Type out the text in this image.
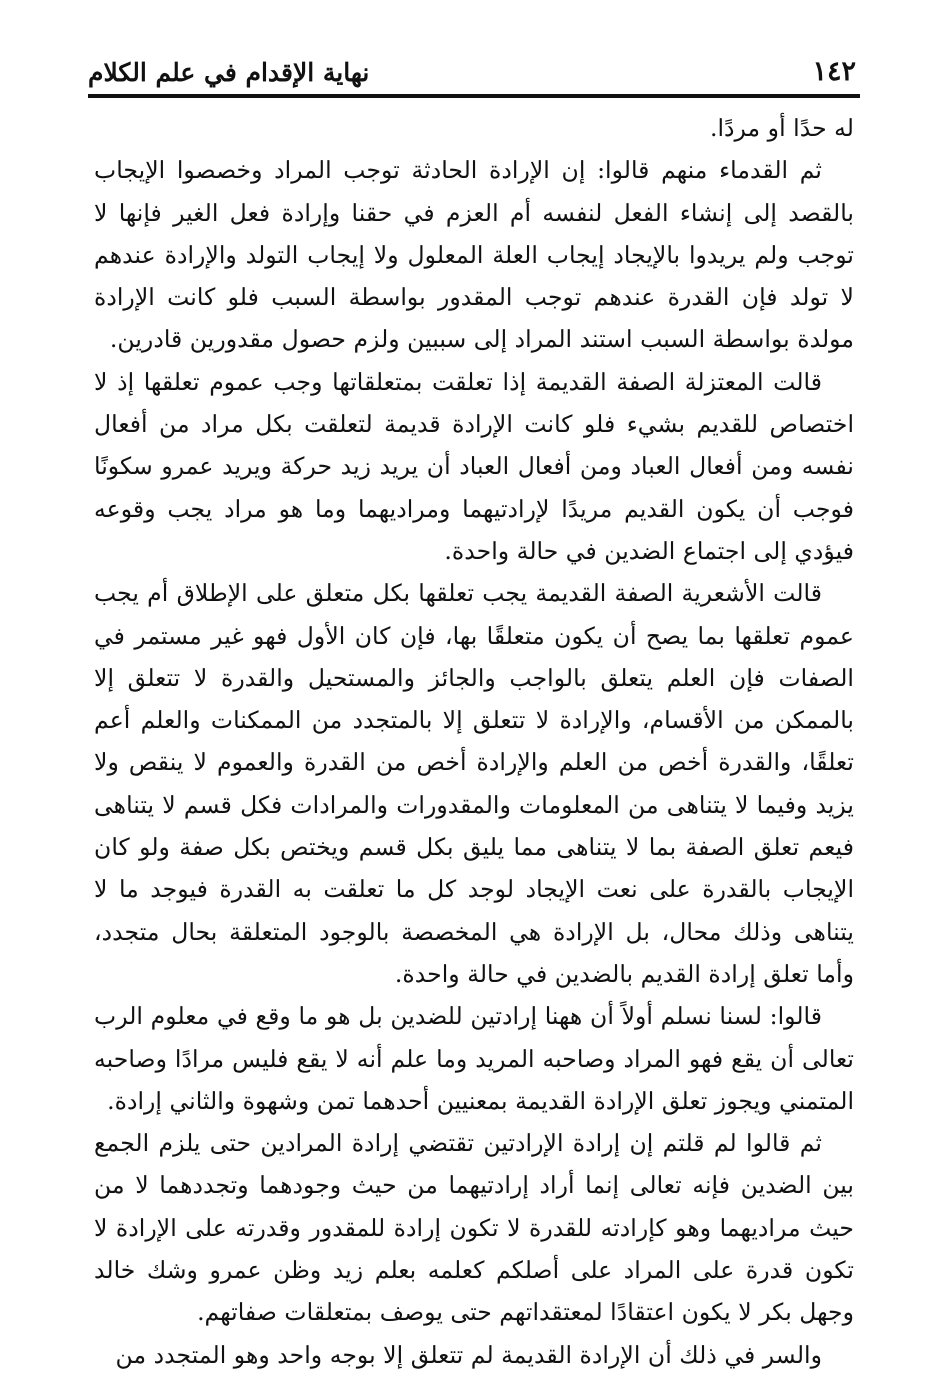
نهاية الإقدام في علم الكلام	١٤٢

له حدًا أو مردًا.

ثم القدماء منهم قالوا: إن الإرادة الحادثة توجب المراد وخصصوا الإيجاب بالقصد إلى إنشاء الفعل لنفسه أم العزم في حقنا وإرادة فعل الغير فإنها لا توجب ولم يريدوا بالإيجاد إيجاب العلة المعلول ولا إيجاب التولد والإرادة عندهم لا تولد فإن القدرة عندهم توجب المقدور بواسطة السبب فلو كانت الإرادة مولدة بواسطة السبب استند المراد إلى سببين ولزم حصول مقدورين قادرين.

قالت المعتزلة الصفة القديمة إذا تعلقت بمتعلقاتها وجب عموم تعلقها إذ لا اختصاص للقديم بشيء فلو كانت الإرادة قديمة لتعلقت بكل مراد من أفعال نفسه ومن أفعال العباد ومن أفعال العباد أن يريد زيد حركة ويريد عمرو سكونًا فوجب أن يكون القديم مريدًا لإرادتيهما ومراديهما وما هو مراد يجب وقوعه فيؤدي إلى اجتماع الضدين في حالة واحدة.

قالت الأشعرية الصفة القديمة يجب تعلقها بكل متعلق على الإطلاق أم يجب عموم تعلقها بما يصح أن يكون متعلقًا بها، فإن كان الأول فهو غير مستمر في الصفات فإن العلم يتعلق بالواجب والجائز والمستحيل والقدرة لا تتعلق إلا بالممكن من الأقسام، والإرادة لا تتعلق إلا بالمتجدد من الممكنات والعلم أعم تعلقًا، والقدرة أخص من العلم والإرادة أخص من القدرة والعموم لا ينقص ولا يزيد وفيما لا يتناهى من المعلومات والمقدورات والمرادات فكل قسم لا يتناهى فيعم تعلق الصفة بما لا يتناهى مما يليق بكل قسم ويختص بكل صفة ولو كان الإيجاب بالقدرة على نعت الإيجاد لوجد كل ما تعلقت به القدرة فيوجد ما لا يتناهى وذلك محال، بل الإرادة هي المخصصة بالوجود المتعلقة بحال متجدد، وأما تعلق إرادة القديم بالضدين في حالة واحدة.

قالوا: لسنا نسلم أولاً أن ههنا إرادتين للضدين بل هو ما وقع في معلوم الرب تعالى أن يقع فهو المراد وصاحبه المريد وما علم أنه لا يقع فليس مرادًا وصاحبه المتمني ويجوز تعلق الإرادة القديمة بمعنيين أحدهما تمن وشهوة والثاني إرادة.

ثم قالوا لم قلتم إن إرادة الإرادتين تقتضي إرادة المرادين حتى يلزم الجمع بين الضدين فإنه تعالى إنما أراد إرادتيهما من حيث وجودهما وتجددهما لا من حيث مراديهما وهو كإرادته للقدرة لا تكون إرادة للمقدور وقدرته على الإرادة لا تكون قدرة على المراد على أصلكم كعلمه بعلم زيد وظن عمرو وشك خالد وجهل بكر لا يكون اعتقادًا لمعتقداتهم حتى يوصف بمتعلقات صفاتهم.

والسر في ذلك أن الإرادة القديمة لم تتعلق إلا بوجه واحد وهو المتجدد من
